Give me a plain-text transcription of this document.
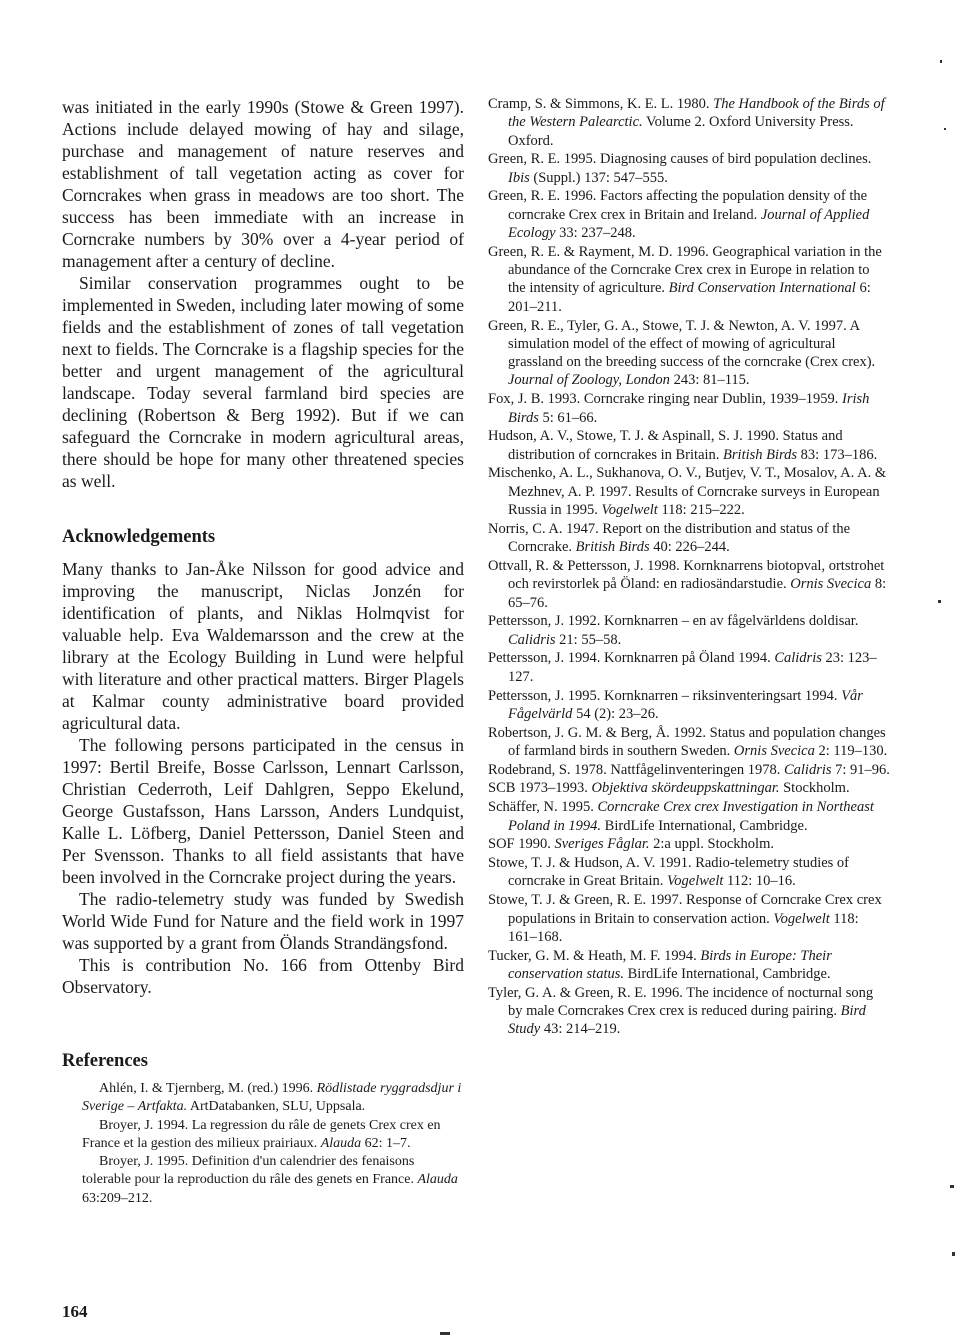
was initiated in the early 1990s (Stowe & Green 1997). Actions include delayed mowing of hay and silage, purchase and management of nature reserves and establishment of tall vegetation acting as cover for Corncrakes when grass in meadows are too short. The success has been immediate with an increase in Corncrake numbers by 30% over a 4-year period of management after a century of decline.

Similar conservation programmes ought to be implemented in Sweden, including later mowing of some fields and the establishment of zones of tall vegetation next to fields. The Corncrake is a flagship species for the better and urgent management of the agricultural landscape. Today several farmland bird species are declining (Robertson & Berg 1992). But if we can safeguard the Corncrake in modern agricultural areas, there should be hope for many other threatened species as well.

Acknowledgements

Many thanks to Jan-Åke Nilsson for good advice and improving the manuscript, Niclas Jonzén for identification of plants, and Niklas Holmqvist for valuable help. Eva Waldemarsson and the crew at the library at the Ecology Building in Lund were helpful with literature and other practical matters. Birger Plagels at Kalmar county administrative board provided agricultural data.

The following persons participated in the census in 1997: Bertil Breife, Bosse Carlsson, Lennart Carlsson, Christian Cederroth, Leif Dahlgren, Seppo Ekelund, George Gustafsson, Hans Larsson, Anders Lundquist, Kalle L. Löfberg, Daniel Pettersson, Daniel Steen and Per Svensson. Thanks to all field assistants that have been involved in the Corncrake project during the years.

The radio-telemetry study was funded by Swedish World Wide Fund for Nature and the field work in 1997 was supported by a grant from Ölands Strandängsfond.

This is contribution No. 166 from Ottenby Bird Observatory.

References

Ahlén, I. & Tjernberg, M. (red.) 1996. Rödlistade ryggradsdjur i Sverige – Artfakta. ArtDatabanken, SLU, Uppsala.

Broyer, J. 1994. La regression du râle de genets Crex crex en France et la gestion des milieux prairiaux. Alauda 62: 1–7.

Broyer, J. 1995. Definition d'un calendrier des fenaisons tolerable pour la reproduction du râle des genets en France. Alauda 63:209–212.

Cramp, S. & Simmons, K. E. L. 1980. The Handbook of the Birds of the Western Palearctic. Volume 2. Oxford University Press. Oxford.

Green, R. E. 1995. Diagnosing causes of bird population declines. Ibis (Suppl.) 137: 547–555.

Green, R. E. 1996. Factors affecting the population density of the corncrake Crex crex in Britain and Ireland. Journal of Applied Ecology 33: 237–248.

Green, R. E. & Rayment, M. D. 1996. Geographical variation in the abundance of the Corncrake Crex crex in Europe in relation to the intensity of agriculture. Bird Conservation International 6: 201–211.

Green, R. E., Tyler, G. A., Stowe, T. J. & Newton, A. V. 1997. A simulation model of the effect of mowing of agricultural grassland on the breeding success of the corncrake (Crex crex). Journal of Zoology, London 243: 81–115.

Fox, J. B. 1993. Corncrake ringing near Dublin, 1939–1959. Irish Birds 5: 61–66.

Hudson, A. V., Stowe, T. J. & Aspinall, S. J. 1990. Status and distribution of corncrakes in Britain. British Birds 83: 173–186.

Mischenko, A. L., Sukhanova, O. V., Butjev, V. T., Mosalov, A. A. & Mezhnev, A. P. 1997. Results of Corncrake surveys in European Russia in 1995. Vogelwelt 118: 215–222.

Norris, C. A. 1947. Report on the distribution and status of the Corncrake. British Birds 40: 226–244.

Ottvall, R. & Pettersson, J. 1998. Kornknarrens biotopval, ortstrohet och revirstorlek på Öland: en radiosändarstudie. Ornis Svecica 8: 65–76.

Pettersson, J. 1992. Kornknarren – en av fågelvärldens doldisar. Calidris 21: 55–58.

Pettersson, J. 1994. Kornknarren på Öland 1994. Calidris 23: 123–127.

Pettersson, J. 1995. Kornknarren – riksinventeringsart 1994. Vår Fågelvärld 54 (2): 23–26.

Robertson, J. G. M. & Berg, Å. 1992. Status and population changes of farmland birds in southern Sweden. Ornis Svecica 2: 119–130.

Rodebrand, S. 1978. Nattfågelinventeringen 1978. Calidris 7: 91–96.

SCB 1973–1993. Objektiva skördeuppskattningar. Stockholm.

Schäffer, N. 1995. Corncrake Crex crex Investigation in Northeast Poland in 1994. BirdLife International, Cambridge.

SOF 1990. Sveriges Fåglar. 2:a uppl. Stockholm.

Stowe, T. J. & Hudson, A. V. 1991. Radio-telemetry studies of corncrake in Great Britain. Vogelwelt 112: 10–16.

Stowe, T. J. & Green, R. E. 1997. Response of Corncrake Crex crex populations in Britain to conservation action. Vogelwelt 118: 161–168.

Tucker, G. M. & Heath, M. F. 1994. Birds in Europe: Their conservation status. BirdLife International, Cambridge.

Tyler, G. A. & Green, R. E. 1996. The incidence of nocturnal song by male Corncrakes Crex crex is reduced during pairing. Bird Study 43: 214–219.

164
